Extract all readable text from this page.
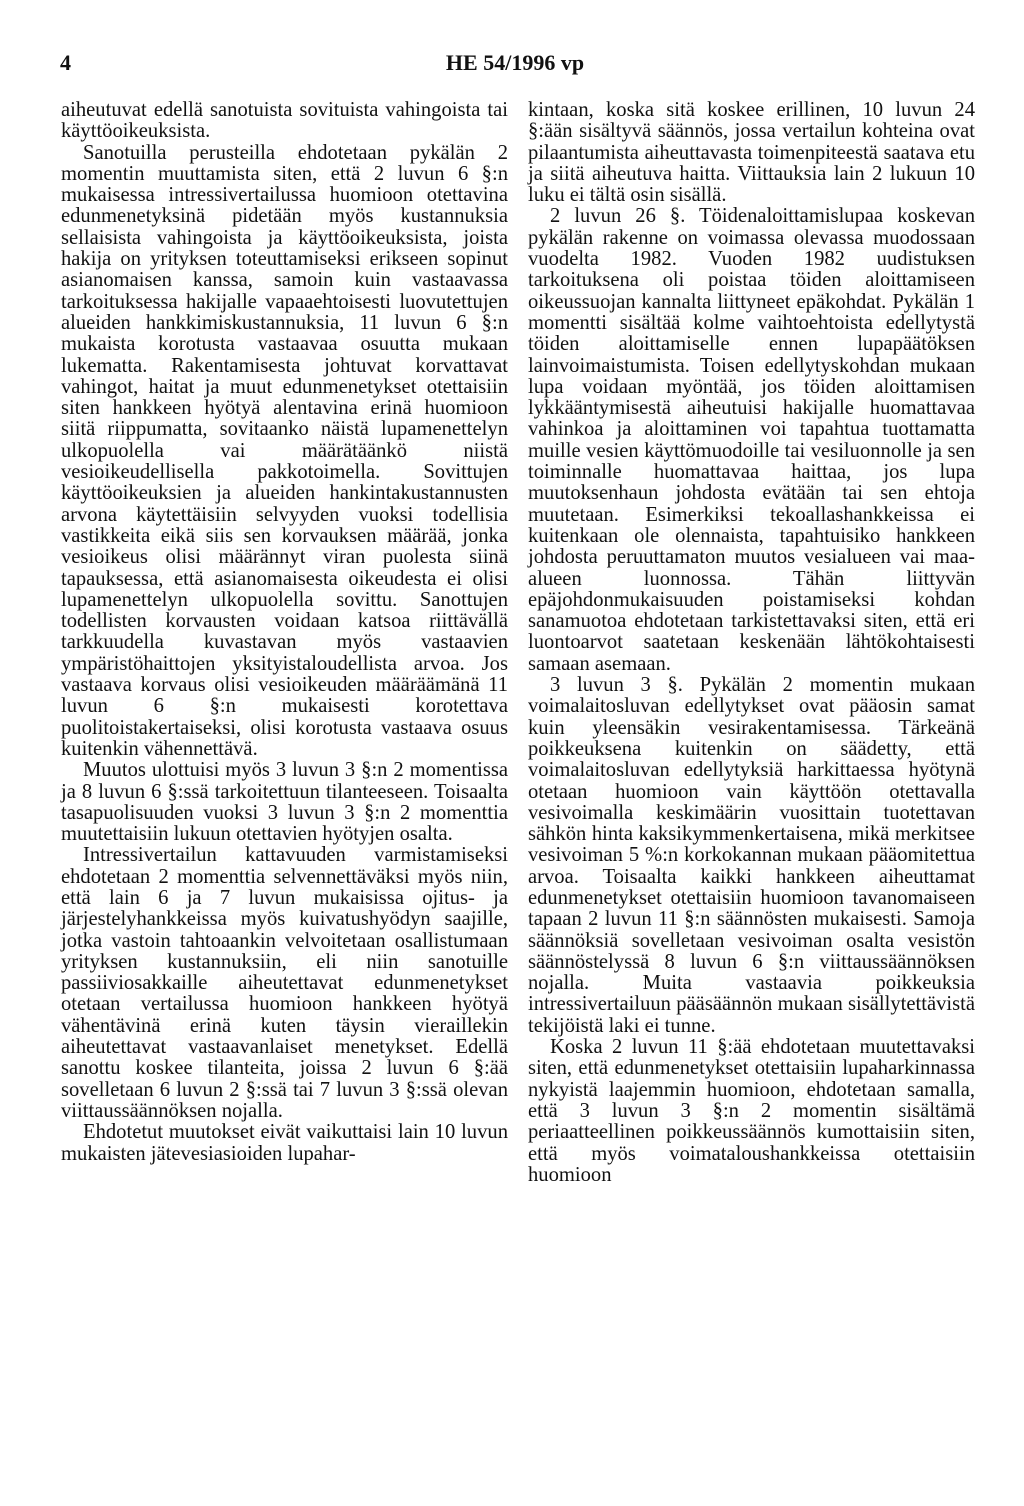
4	HE 54/1996 vp

aiheutuvat edellä sanotuista sovituista vahingoista tai käyttöoikeuksista.

Sanotuilla perusteilla ehdotetaan pykälän 2 momentin muuttamista siten, että 2 luvun 6 §:n mukaisessa intressivertailussa huomioon otettavina edunmenetyksinä pidetään myös kustannuksia sellaisista vahingoista ja käyttöoikeuksista, joista hakija on yrityksen toteuttamiseksi erikseen sopinut asianomaisen kanssa, samoin kuin vastaavassa tarkoituksessa hakijalle vapaaehtoisesti luovutettujen alueiden hankkimiskustannuksia, 11 luvun 6 §:n mukaista korotusta vastaavaa osuutta mukaan lukematta. Rakentamisesta johtuvat korvattavat vahingot, haitat ja muut edunmenetykset otettaisiin siten hankkeen hyötyä alentavina erinä huomioon siitä riippumatta, sovitaanko näistä lupamenettelyn ulkopuolella vai määrätäänkö niistä vesioikeudellisella pakkotoimella. Sovittujen käyttöoikeuksien ja alueiden hankintakustannusten arvona käytettäisiin selvyyden vuoksi todellisia vastikkeita eikä siis sen korvauksen määrää, jonka vesioikeus olisi määrännyt viran puolesta siinä tapauksessa, että asianomaisesta oikeudesta ei olisi lupamenettelyn ulkopuolella sovittu. Sanottujen todellisten korvausten voidaan katsoa riittävällä tarkkuudella kuvastavan myös vastaavien ympäristöhaittojen yksityistaloudellista arvoa. Jos vastaava korvaus olisi vesioikeuden määräämänä 11 luvun 6 §:n mukaisesti korotettava puolitoistakertaiseksi, olisi korotusta vastaava osuus kuitenkin vähennettävä.

Muutos ulottuisi myös 3 luvun 3 §:n 2 momentissa ja 8 luvun 6 §:ssä tarkoitettuun tilanteeseen. Toisaalta tasapuolisuuden vuoksi 3 luvun 3 §:n 2 momenttia muutettaisiin lukuun otettavien hyötyjen osalta.

Intressivertailun kattavuuden varmistamiseksi ehdotetaan 2 momenttia selvennettäväksi myös niin, että lain 6 ja 7 luvun mukaisissa ojitus- ja järjestelyhankkeissa myös kuivatushyödyn saajille, jotka vastoin tahtoaankin velvoitetaan osallistumaan yrityksen kustannuksiin, eli niin sanotuille passiiviosakkaille aiheutettavat edunmenetykset otetaan vertailussa huomioon hankkeen hyötyä vähentävinä erinä kuten täysin vieraillekin aiheutettavat vastaavanlaiset menetykset. Edellä sanottu koskee tilanteita, joissa 2 luvun 6 §:ää sovelletaan 6 luvun 2 §:ssä tai 7 luvun 3 §:ssä olevan viittaussäännöksen nojalla.

Ehdotetut muutokset eivät vaikuttaisi lain 10 luvun mukaisten jätevesiasioiden lupahar-

kintaan, koska sitä koskee erillinen, 10 luvun 24 §:ään sisältyvä säännös, jossa vertailun kohteina ovat pilaantumista aiheuttavasta toimenpiteestä saatava etu ja siitä aiheutuva haitta. Viittauksia lain 2 lukuun 10 luku ei tältä osin sisällä.

2 luvun 26 §. Töidenaloittamislupaa koskevan pykälän rakenne on voimassa olevassa muodossaan vuodelta 1982. Vuoden 1982 uudistuksen tarkoituksena oli poistaa töiden aloittamiseen oikeussuojan kannalta liittyneet epäkohdat. Pykälän 1 momentti sisältää kolme vaihtoehtoista edellytystä töiden aloittamiselle ennen lupapäätöksen lainvoimaistumista. Toisen edellytyskohdan mukaan lupa voidaan myöntää, jos töiden aloittamisen lykkääntymisestä aiheutuisi hakijalle huomattavaa vahinkoa ja aloittaminen voi tapahtua tuottamatta muille vesien käyttömuodoille tai vesiluonnolle ja sen toiminnalle huomattavaa haittaa, jos lupa muutoksenhaun johdosta evätään tai sen ehtoja muutetaan. Esimerkiksi tekoallashankkeissa ei kuitenkaan ole olennaista, tapahtuisiko hankkeen johdosta peruuttamaton muutos vesialueen vai maa-alueen luonnossa. Tähän liittyvän epäjohdonmukaisuuden poistamiseksi kohdan sanamuotoa ehdotetaan tarkistettavaksi siten, että eri luontoarvot saatetaan keskenään lähtökohtaisesti samaan asemaan.

3 luvun 3 §. Pykälän 2 momentin mukaan voimalaitosluvan edellytykset ovat pääosin samat kuin yleensäkin vesirakentamisessa. Tärkeänä poikkeuksena kuitenkin on säädetty, että voimalaitosluvan edellytyksiä harkittaessa hyötynä otetaan huomioon vain käyttöön otettavalla vesivoimalla keskimäärin vuosittain tuotettavan sähkön hinta kaksikymmenkertaisena, mikä merkitsee vesivoiman 5 %:n korkokannan mukaan pääomitettua arvoa. Toisaalta kaikki hankkeen aiheuttamat edunmenetykset otettaisiin huomioon tavanomaiseen tapaan 2 luvun 11 §:n säännösten mukaisesti. Samoja säännöksiä sovelletaan vesivoiman osalta vesistön säännöstelyssä 8 luvun 6 §:n viittaussäännöksen nojalla. Muita vastaavia poikkeuksia intressivertailuun pääsäännön mukaan sisällytettävistä tekijöistä laki ei tunne.

Koska 2 luvun 11 §:ää ehdotetaan muutettavaksi siten, että edunmenetykset otettaisiin lupaharkinnassa nykyistä laajemmin huomioon, ehdotetaan samalla, että 3 luvun 3 §:n 2 momentin sisältämä periaatteellinen poikkeussäännös kumottaisiin siten, että myös voimataloushankkeissa otettaisiin huomioon
